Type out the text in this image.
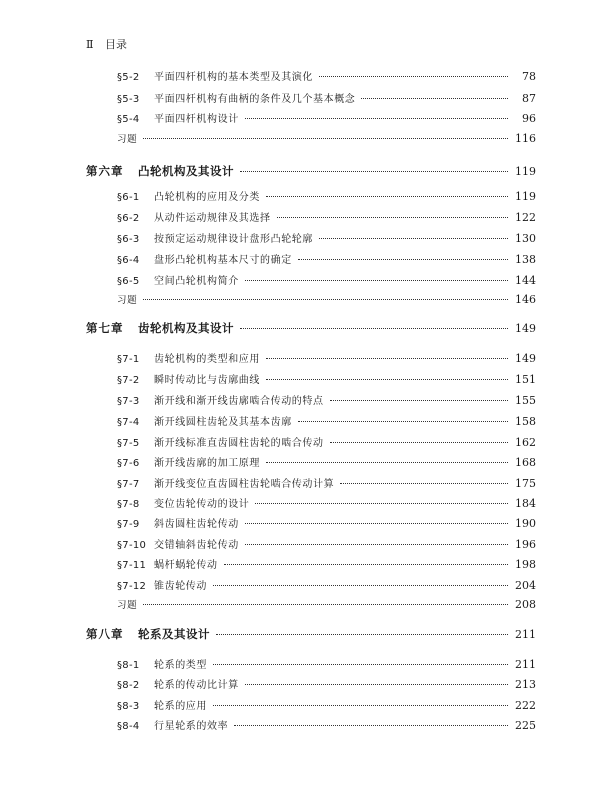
Ⅱ 目录
§5-2	平面四杆机构的基本类型及其演化	78
§5-3	平面四杆机构有曲柄的条件及几个基本概念	87
§5-4	平面四杆机构设计	96
习题	116
第六章	凸轮机构及其设计	119
§6-1	凸轮机构的应用及分类	119
§6-2	从动件运动规律及其选择	122
§6-3	按预定运动规律设计盘形凸轮轮廓	130
§6-4	盘形凸轮机构基本尺寸的确定	138
§6-5	空间凸轮机构简介	144
习题	146
第七章	齿轮机构及其设计	149
§7-1	齿轮机构的类型和应用	149
§7-2	瞬时传动比与齿廓曲线	151
§7-3	渐开线和渐开线齿廓啮合传动的特点	155
§7-4	渐开线圆柱齿轮及其基本齿廓	158
§7-5	渐开线标准直齿圆柱齿轮的啮合传动	162
§7-6	渐开线齿廓的加工原理	168
§7-7	渐开线变位直齿圆柱齿轮啮合传动计算	175
§7-8	变位齿轮传动的设计	184
§7-9	斜齿圆柱齿轮传动	190
§7-10 交错轴斜齿轮传动	196
§7-11 蜗杆蜗轮传动	198
§7-12 锥齿轮传动	204
习题	208
第八章	轮系及其设计	211
§8-1	轮系的类型	211
§8-2	轮系的传动比计算	213
§8-3	轮系的应用	222
§8-4	行星轮系的效率	225
